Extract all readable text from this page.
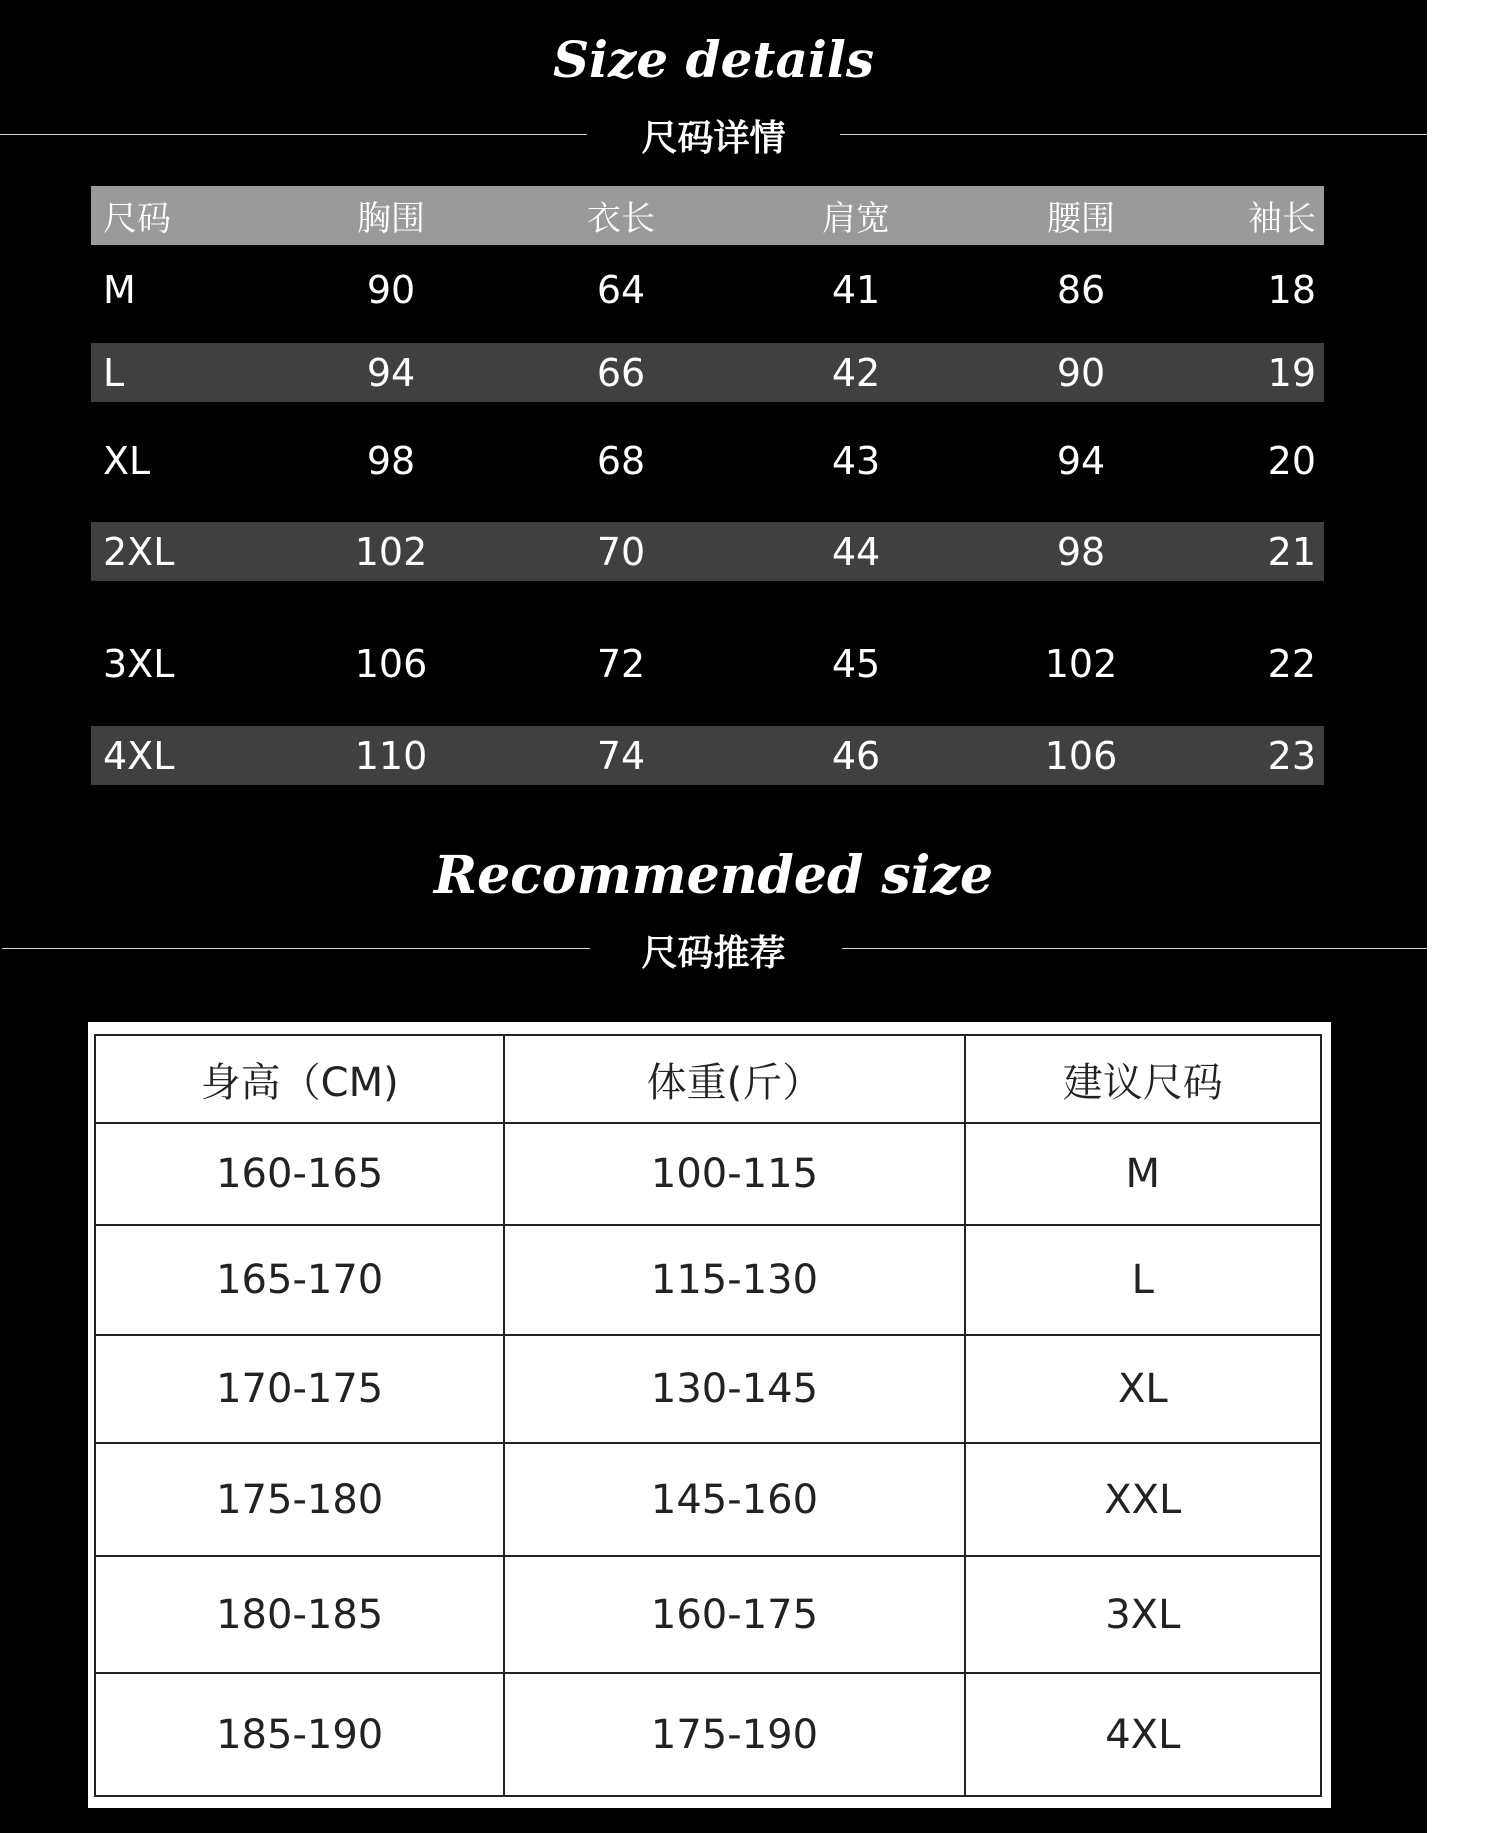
Size details
尺码详情
尺码	胸围	衣长	肩宽	腰围	袖长
M	90	64	41	86	18
L	94	66	42	90	19
XL	98	68	43	94	20
2XL	102	70	44	98	21
3XL	106	72	45	102	22
4XL	110	74	46	106	23
Recommended size
尺码推荐
身高（CM)	体重(斤）	建议尺码
160-165	100-115	M
165-170	115-130	L
170-175	130-145	XL
175-180	145-160	XXL
180-185	160-175	3XL
185-190	175-190	4XL
